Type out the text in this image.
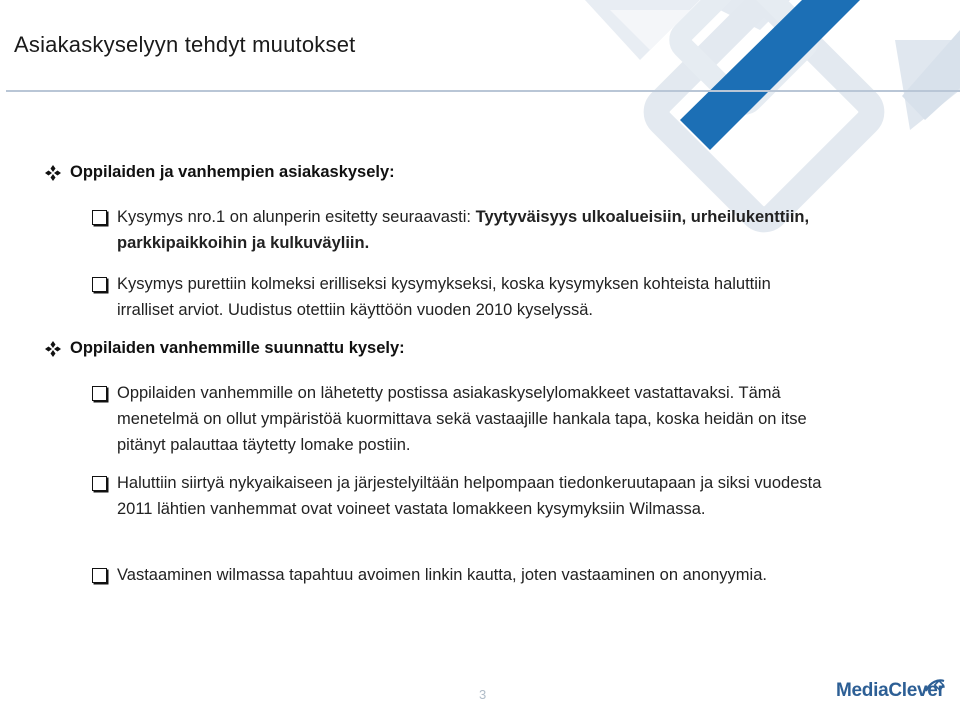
Asiakaskyselyyn tehdyt muutokset
Oppilaiden ja vanhempien asiakaskysely:
Kysymys nro.1 on alunperin esitetty seuraavasti: Tyytyväisyys ulkoalueisiin, urheilukenttiin, parkkipaikkoihin ja kulkuväyliin.
Kysymys purettiin kolmeksi erilliseksi kysymykseksi, koska kysymyksen kohteista haluttiin irralliset arviot. Uudistus otettiin käyttöön vuoden 2010 kyselyssä.
Oppilaiden vanhemmille suunnattu kysely:
Oppilaiden vanhemmille on lähetetty postissa asiakaskyselylomakkeet vastattavaksi. Tämä menetelmä on ollut ympäristöä kuormittava sekä vastaajille hankala tapa, koska heidän on itse pitänyt palauttaa täytetty lomake postiin.
Haluttiin siirtyä nykyaikaiseen ja järjestelyiltään helpompaan tiedonkeruutapaan ja siksi vuodesta 2011 lähtien vanhemmat ovat voineet vastata lomakkeen kysymyksiin Wilmassa.
Vastaaminen wilmassa tapahtuu avoimen linkin kautta, joten vastaaminen on anonyymia.
3	MediaClever
